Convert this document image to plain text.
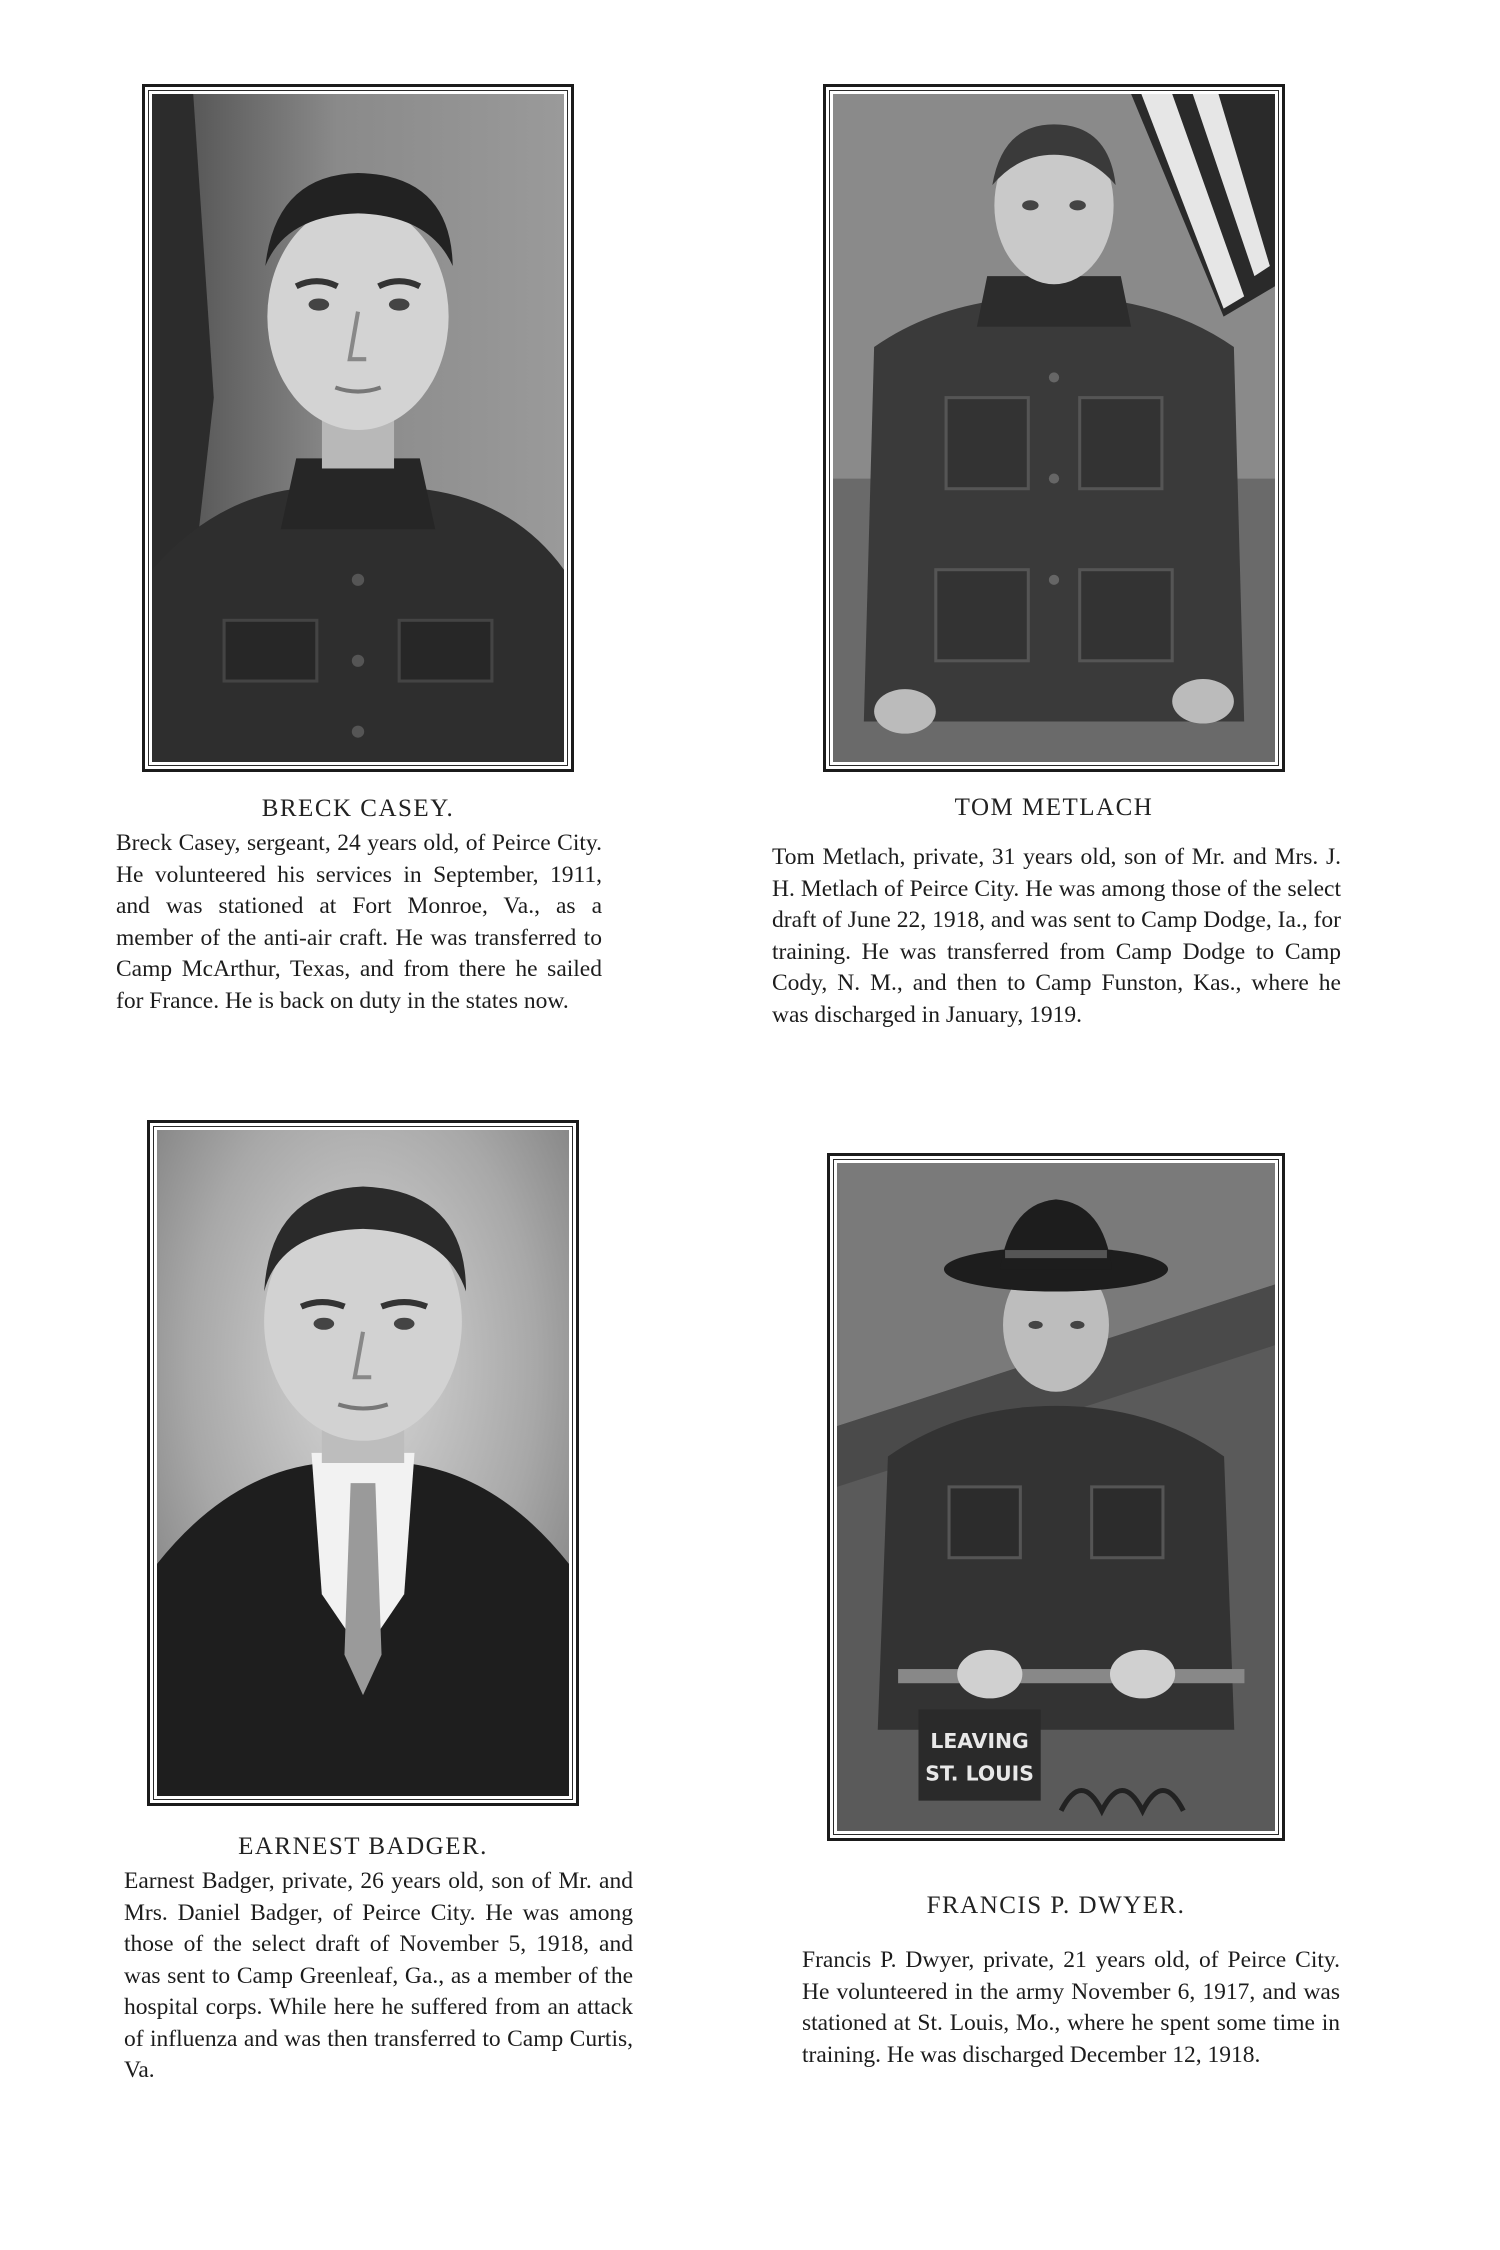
BRECK CASEY.

Breck Casey, sergeant, 24 years old, of Peirce City. He volunteered his services in September, 1911, and was stationed at Fort Monroe, Va., as a member of the anti-air craft. He was transferred to Camp McArthur, Texas, and from there he sailed for France. He is back on duty in the states now.

TOM METLACH

Tom Metlach, private, 31 years old, son of Mr. and Mrs. J. H. Metlach of Peirce City. He was among those of the select draft of June 22, 1918, and was sent to Camp Dodge, Ia., for training. He was transferred from Camp Dodge to Camp Cody, N. M., and then to Camp Funston, Kas., where he was discharged in January, 1919.

EARNEST BADGER.

Earnest Badger, private, 26 years old, son of Mr. and Mrs. Daniel Badger, of Peirce City. He was among those of the select draft of November 5, 1918, and was sent to Camp Greenleaf, Ga., as a member of the hospital corps. While here he suffered from an attack of influenza and was then transferred to Camp Curtis, Va.

LEAVING
ST. LOUIS
FRANCIS P. DWYER.

Francis P. Dwyer, private, 21 years old, of Peirce City. He volunteered in the army November 6, 1917, and was stationed at St. Louis, Mo., where he spent some time in training. He was discharged December 12, 1918.
